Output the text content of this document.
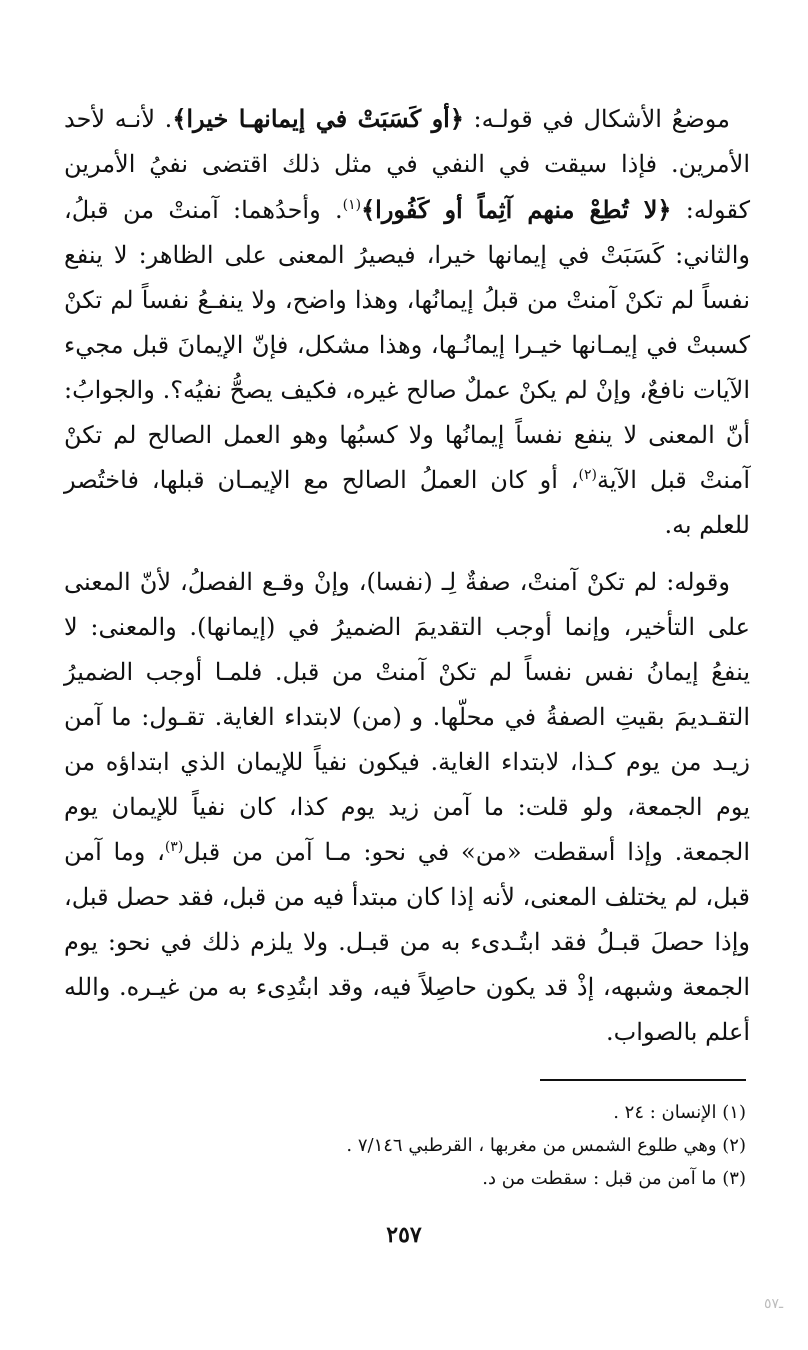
موضعُ الأشكال في قولـه: ﴿أو كَسَبَتْ في إيمانهـا خيرا﴾. لأنـه لأحد الأمرين. فإذا سيقت في النفي في مثل ذلك اقتضى نفيُ الأمرين كقوله: ﴿لا تُطِعْ منهم آثِماً أو كَفُورا﴾$^{(١)}$. وأحدُهما: آمنتْ من قبلُ، والثاني: كَسَبَتْ في إيمانها خيرا، فيصيرُ المعنى على الظاهر: لا ينفع نفساً لم تكنْ آمنتْ من قبلُ إيمانُها، وهذا واضح، ولا ينفـعُ نفساً لم تكنْ كسبتْ في إيمـانها خيـرا إيمانُـها، وهذا مشكل، فإنّ الإيمانَ قبل مجيء الآيات نافعٌ، وإنْ لم يكنْ عملٌ صالح غيره، فكيف يصحُّ نفيُه؟. والجوابُ: أنّ المعنى لا ينفع نفساً إيمانُها ولا كسبُها وهو العمل الصالح لم تكنْ آمنتْ قبل الآية$^{(٢)}$، أو كان العملُ الصالح مع الإيمـان قبلها، فاختُصر للعلم به.

وقوله: لم تكنْ آمنتْ، صفةٌ لِـ (نفسا)، وإنْ وقـع الفصلُ، لأنّ المعنى على التأخير، وإنما أوجب التقديمَ الضميرُ في (إيمانها). والمعنى: لا ينفعُ إيمانُ نفس نفساً لم تكنْ آمنتْ من قبل. فلمـا أوجب الضميرُ التقـديمَ بقيتِ الصفةُ في محلّها. و (من) لابتداء الغاية. تقـول: ما آمن زيـد من يوم كـذا، لابتداء الغاية. فيكون نفياً للإيمان الذي ابتداؤه من يوم الجمعة، ولو قلت: ما آمن زيد يوم كذا، كان نفياً للإيمان يوم الجمعة. وإذا أسقطت «من» في نحو: مـا آمن من قبل$^{(٣)}$، وما آمن قبل، لم يختلف المعنى، لأنه إذا كان مبتدأ فيه من قبل، فقد حصل قبل، وإذا حصلَ قبـلُ فقد ابتُـدىء به من قبـل. ولا يلزم ذلك في نحو: يوم الجمعة وشبهه، إذْ قد يكون حاصِلاً فيه، وقد ابتُدِىء به من غيـره. والله أعلم بالصواب.

(١) الإنسان : ٢٤ .
(٢) وهي طلوع الشمس من مغربها ، القرطبي ٧/١٤٦ .
(٣) ما آمن من قبل : سقطت من د.
٢٥٧
ـ٥٧
